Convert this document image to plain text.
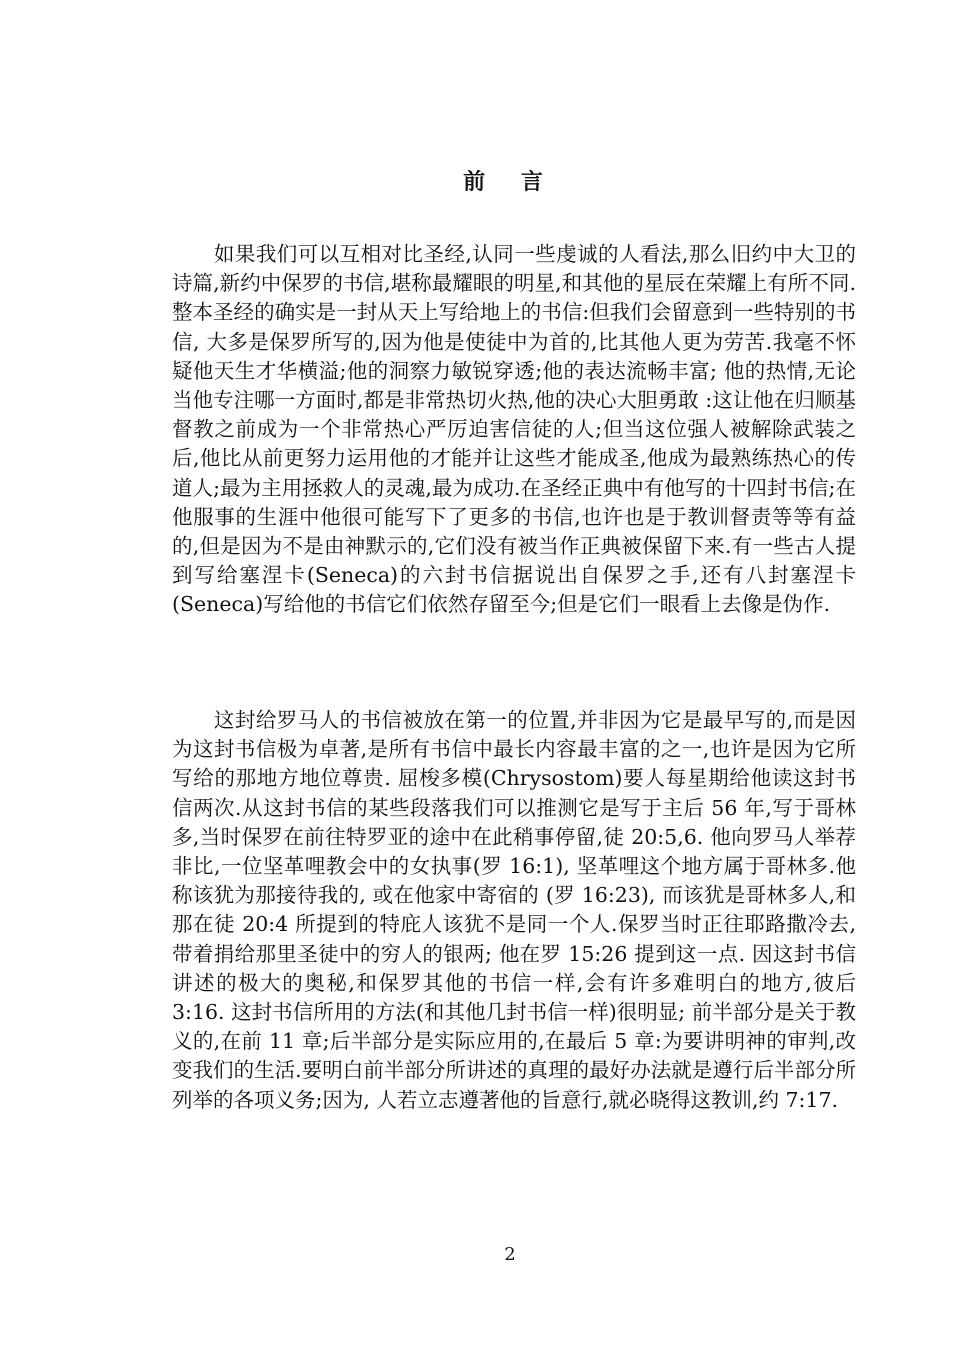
前 言

　　如果我们可以互相对比圣经,认同一些虔诚的人看法,那么旧约中大卫的诗篇,新约中保罗的书信,堪称最耀眼的明星,和其他的星辰在荣耀上有所不同.整本圣经的确实是一封从天上写给地上的书信:但我们会留意到一些特别的书信, 大多是保罗所写的,因为他是使徒中为首的,比其他人更为劳苦.我毫不怀疑他天生才华横溢;他的洞察力敏锐穿透;他的表达流畅丰富; 他的热情,无论当他专注哪一方面时,都是非常热切火热,他的决心大胆勇敢 :这让他在归顺基督教之前成为一个非常热心严厉迫害信徒的人;但当这位强人被解除武装之后,他比从前更努力运用他的才能并让这些才能成圣,他成为最熟练热心的传道人;最为主用拯救人的灵魂,最为成功.在圣经正典中有他写的十四封书信;在他服事的生涯中他很可能写下了更多的书信,也许也是于教训督责等等有益的,但是因为不是由神默示的,它们没有被当作正典被保留下来.有一些古人提到写给塞涅卡(Seneca)的六封书信据说出自保罗之手,还有八封塞涅卡(Seneca)写给他的书信它们依然存留至今;但是它们一眼看上去像是伪作.

　　这封给罗马人的书信被放在第一的位置,并非因为它是最早写的,而是因为这封书信极为卓著,是所有书信中最长内容最丰富的之一,也许是因为它所写给的那地方地位尊贵. 屈梭多模(Chrysostom)要人每星期给他读这封书信两次.从这封书信的某些段落我们可以推测它是写于主后 56 年,写于哥林多,当时保罗在前往特罗亚的途中在此稍事停留,徒 20:5,6. 他向罗马人举荐非比,一位坚革哩教会中的女执事(罗 16:1), 坚革哩这个地方属于哥林多.他称该犹为那接待我的, 或在他家中寄宿的 (罗 16:23), 而该犹是哥林多人,和那在徒 20:4 所提到的特庇人该犹不是同一个人.保罗当时正往耶路撒冷去,带着捐给那里圣徒中的穷人的银两; 他在罗 15:26 提到这一点. 因这封书信讲述的极大的奥秘,和保罗其他的书信一样,会有许多难明白的地方,彼后 3:16. 这封书信所用的方法(和其他几封书信一样)很明显; 前半部分是关于教义的,在前 11 章;后半部分是实际应用的,在最后 5 章:为要讲明神的审判,改变我们的生活.要明白前半部分所讲述的真理的最好办法就是遵行后半部分所列举的各项义务;因为, 人若立志遵著他的旨意行,就必晓得这教训,约 7:17.

2
